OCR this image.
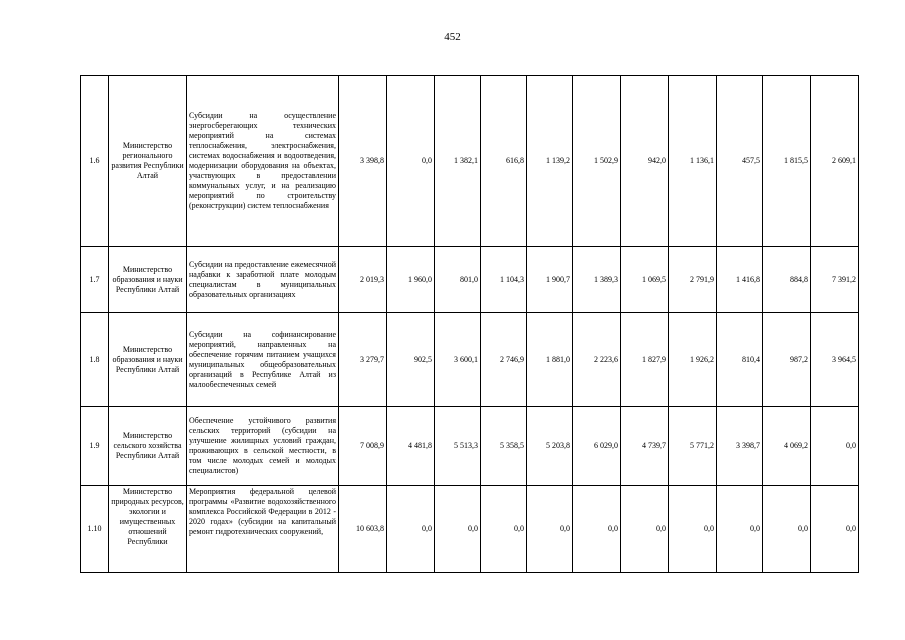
452
1.6	Министерство регионального развития Республики Алтай	Субсидии на осуществление энергосберегающих технических мероприятий на системах теплоснабжения, электроснабжения, системах водоснабжения и водоотведения, модернизации оборудования на объектах, участвующих в предоставлении коммунальных услуг, и на реализацию мероприятий по строительству (реконструкции) систем теплоснабжения	3 398,8	0,0	1 382,1	616,8	1 139,2	1 502,9	942,0	1 136,1	457,5	1 815,5	2 609,1
1.7	Министерство образования и науки Республики Алтай	Субсидии на предоставление ежемесячной надбавки к заработной плате молодым специалистам в муниципальных образовательных организациях	2 019,3	1 960,0	801,0	1 104,3	1 900,7	1 389,3	1 069,5	2 791,9	1 416,8	884,8	7 391,2
1.8	Министерство образования и науки Республики Алтай	Субсидии на софинансирование мероприятий, направленных на обеспечение горячим питанием учащихся муниципальных общеобразовательных организаций в Республике Алтай из малообеспеченных семей	3 279,7	902,5	3 600,1	2 746,9	1 881,0	2 223,6	1 827,9	1 926,2	810,4	987,2	3 964,5
1.9	Министерство сельского хозяйства Республики Алтай	Обеспечение устойчивого развития сельских территорий (субсидии на улучшение жилищных условий граждан, проживающих в сельской местности, в том числе молодых семей и молодых специалистов)	7 008,9	4 481,8	5 513,3	5 358,5	5 203,8	6 029,0	4 739,7	5 771,2	3 398,7	4 069,2	0,0
1.10	Министерство природных ресурсов, экологии и имущественных отношений Республики	Мероприятия федеральной целевой программы «Развитие водохозяйственного комплекса Российской Федерации в 2012 - 2020 годах» (субсидии на капитальный ремонт гидротехнических сооружений,	10 603,8	0,0	0,0	0,0	0,0	0,0	0,0	0,0	0,0	0,0	0,0
